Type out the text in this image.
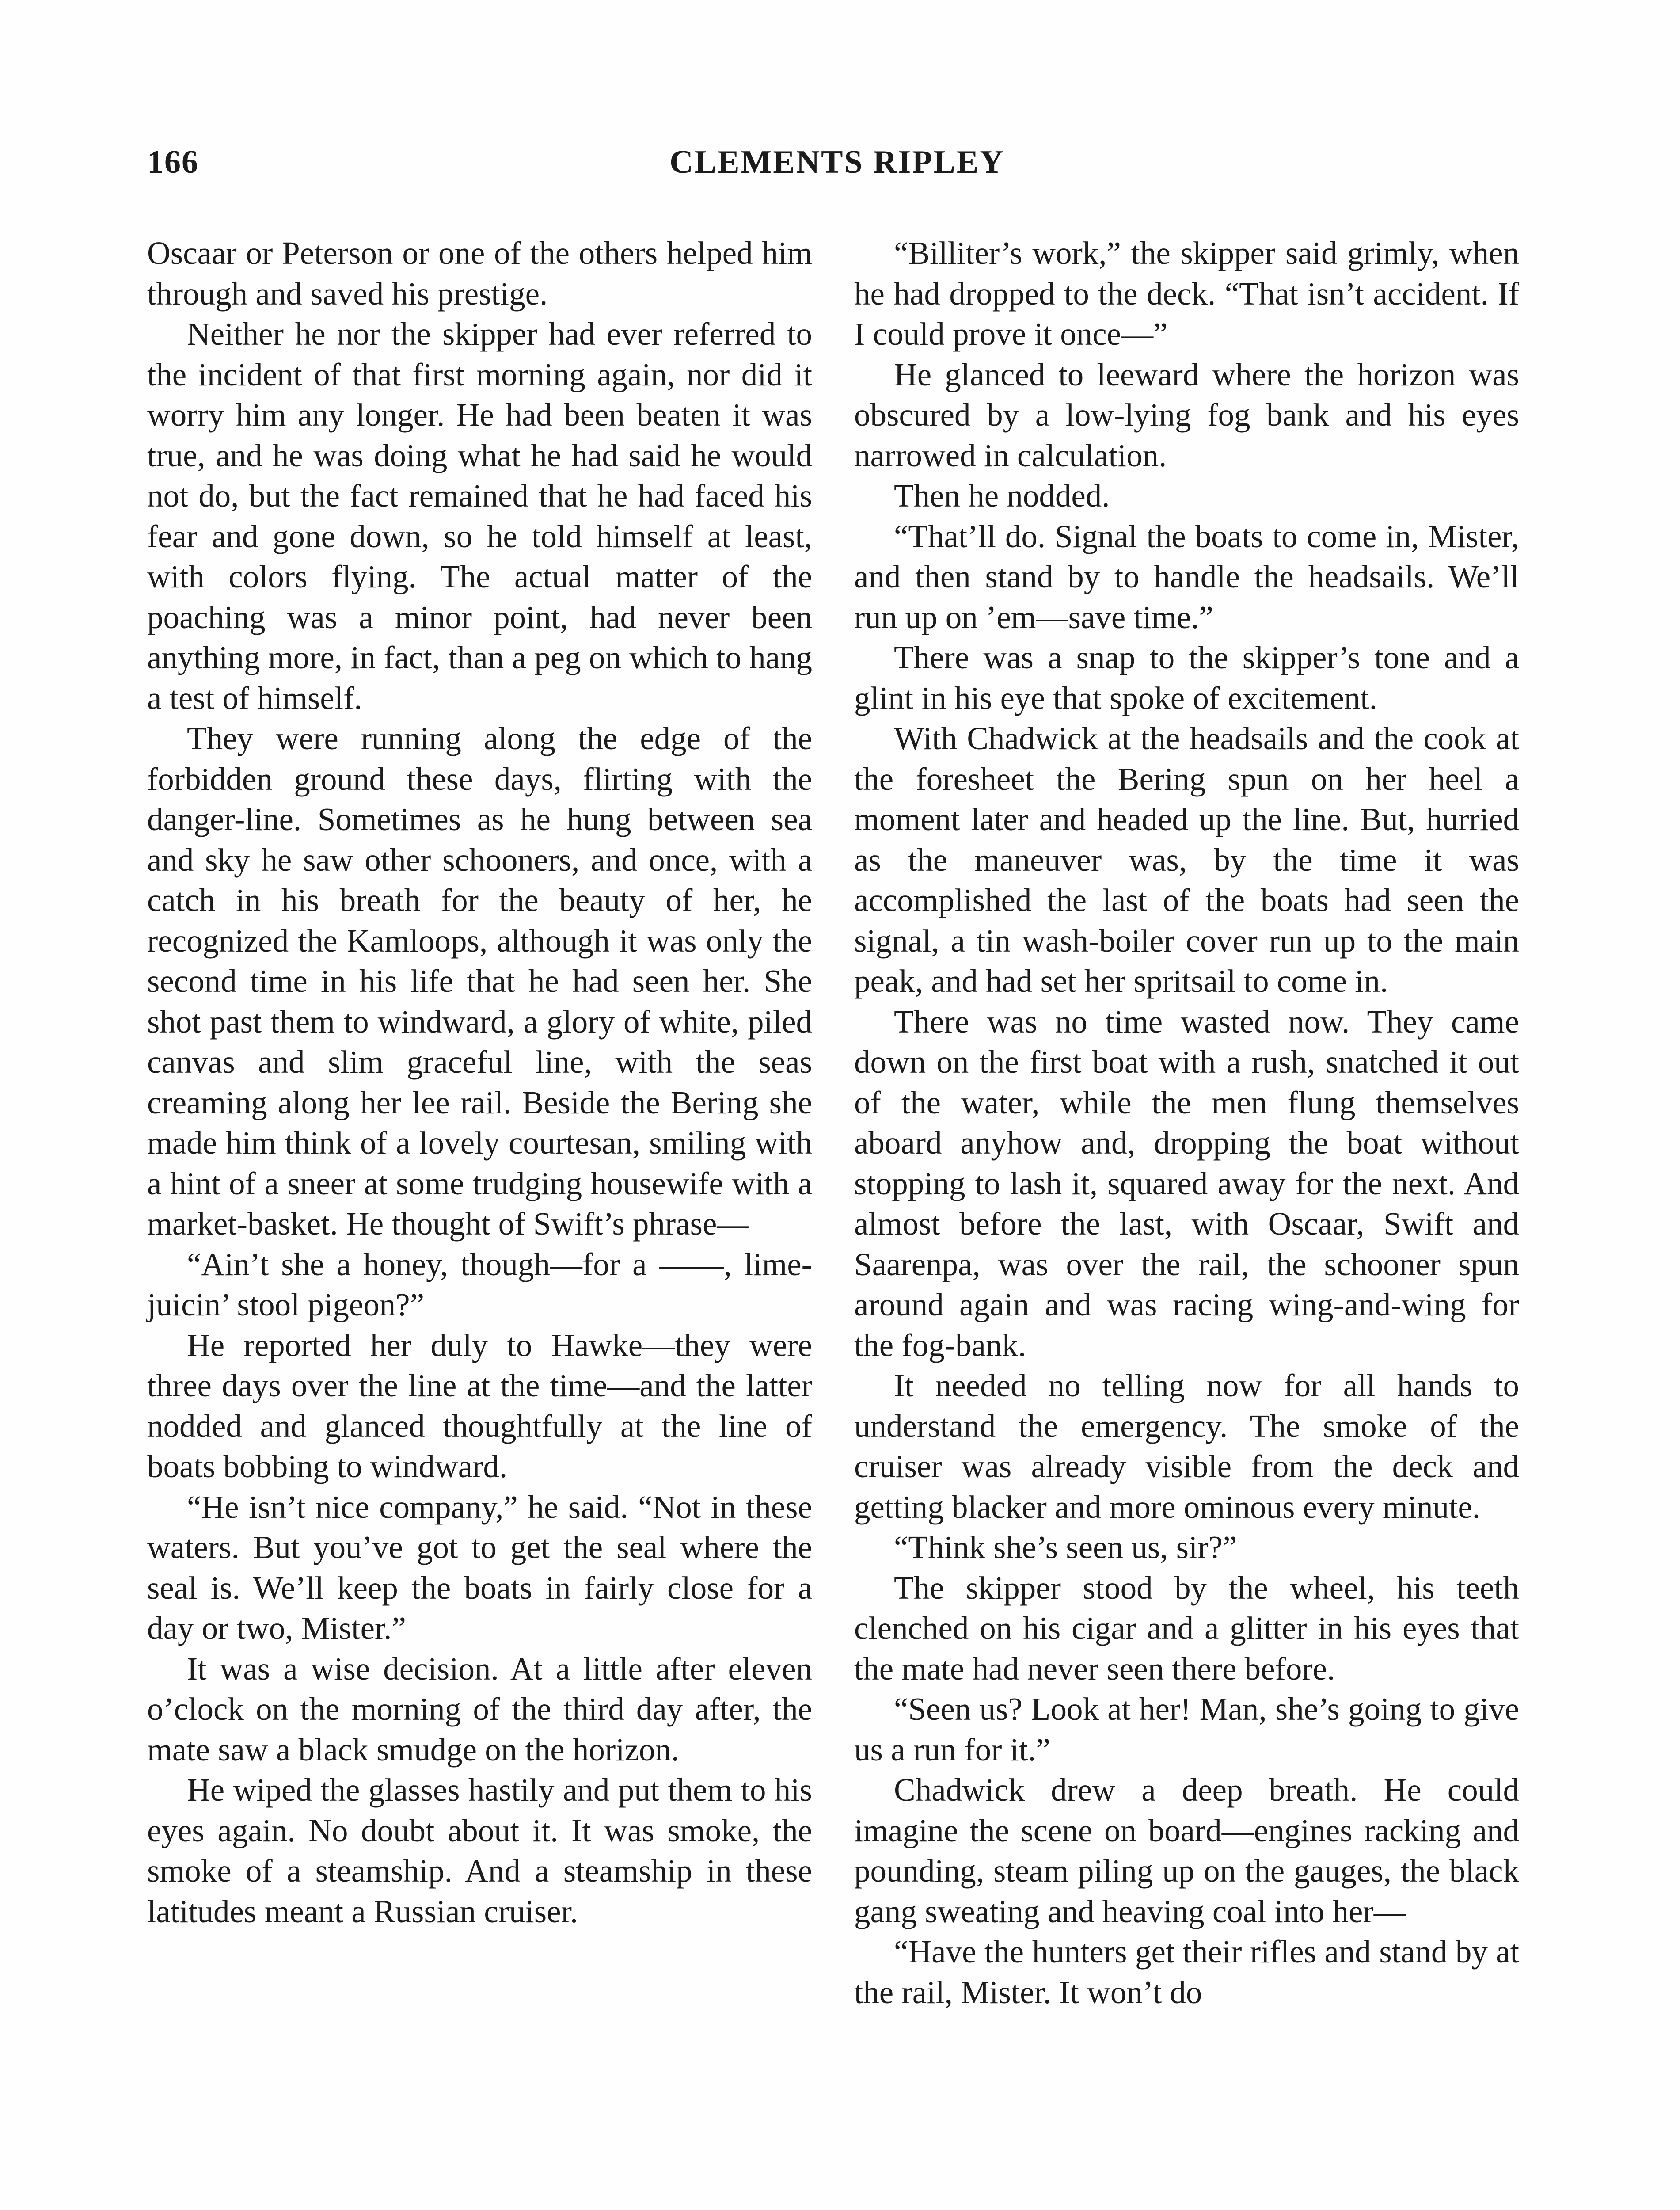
166	CLEMENTS RIPLEY

Oscaar or Peterson or one of the others helped him through and saved his prestige.

Neither he nor the skipper had ever referred to the incident of that first morning again, nor did it worry him any longer. He had been beaten it was true, and he was doing what he had said he would not do, but the fact remained that he had faced his fear and gone down, so he told himself at least, with colors flying. The actual matter of the poaching was a minor point, had never been anything more, in fact, than a peg on which to hang a test of himself.

They were running along the edge of the forbidden ground these days, flirting with the danger-line. Sometimes as he hung between sea and sky he saw other schooners, and once, with a catch in his breath for the beauty of her, he recognized the Kamloops, although it was only the second time in his life that he had seen her. She shot past them to windward, a glory of white, piled canvas and slim graceful line, with the seas creaming along her lee rail. Beside the Bering she made him think of a lovely courtesan, smiling with a hint of a sneer at some trudging housewife with a market-basket. He thought of Swift’s phrase—

“Ain’t she a honey, though—for a ——, lime-juicin’ stool pigeon?”

He reported her duly to Hawke—they were three days over the line at the time—and the latter nodded and glanced thoughtfully at the line of boats bobbing to windward.

“He isn’t nice company,” he said. “Not in these waters. But you’ve got to get the seal where the seal is. We’ll keep the boats in fairly close for a day or two, Mister.”

It was a wise decision. At a little after eleven o’clock on the morning of the third day after, the mate saw a black smudge on the horizon.

He wiped the glasses hastily and put them to his eyes again. No doubt about it. It was smoke, the smoke of a steamship. And a steamship in these latitudes meant a Russian cruiser.

“Billiter’s work,” the skipper said grimly, when he had dropped to the deck. “That isn’t accident. If I could prove it once—”

He glanced to leeward where the horizon was obscured by a low-lying fog bank and his eyes narrowed in calculation.

Then he nodded.

“That’ll do. Signal the boats to come in, Mister, and then stand by to handle the headsails. We’ll run up on ’em—save time.”

There was a snap to the skipper’s tone and a glint in his eye that spoke of excitement.

With Chadwick at the headsails and the cook at the foresheet the Bering spun on her heel a moment later and headed up the line. But, hurried as the maneuver was, by the time it was accomplished the last of the boats had seen the signal, a tin wash-boiler cover run up to the main peak, and had set her spritsail to come in.

There was no time wasted now. They came down on the first boat with a rush, snatched it out of the water, while the men flung themselves aboard anyhow and, dropping the boat without stopping to lash it, squared away for the next. And almost before the last, with Oscaar, Swift and Saarenpa, was over the rail, the schooner spun around again and was racing wing-and-wing for the fog-bank.

It needed no telling now for all hands to understand the emergency. The smoke of the cruiser was already visible from the deck and getting blacker and more ominous every minute.

“Think she’s seen us, sir?”

The skipper stood by the wheel, his teeth clenched on his cigar and a glitter in his eyes that the mate had never seen there before.

“Seen us? Look at her! Man, she’s going to give us a run for it.”

Chadwick drew a deep breath. He could imagine the scene on board—engines racking and pounding, steam piling up on the gauges, the black gang sweating and heaving coal into her—

“Have the hunters get their rifles and stand by at the rail, Mister. It won’t do
